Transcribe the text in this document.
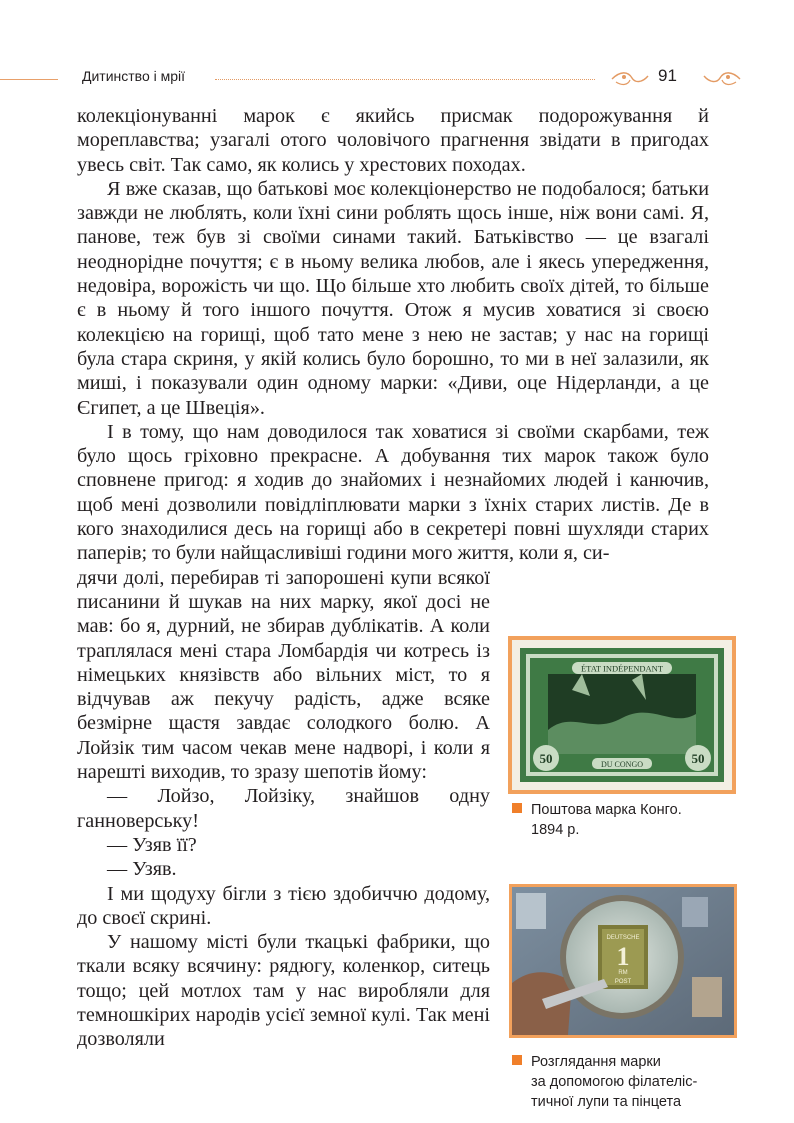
Дитинство і мрії	91

колекціонуванні марок є якийсь присмак подорожування й мореплавства; узагалі отого чоловічого прагнення звідати в пригодах увесь світ. Так само, як колись у хрестових походах.

Я вже сказав, що батькові моє колекціонерство не подобалося; батьки завжди не люблять, коли їхні сини роблять щось інше, ніж вони самі. Я, панове, теж був зі своїми синами такий. Батьківство — це взагалі неоднорідне почуття; є в ньому велика любов, але і якесь упередження, недовіра, ворожість чи що. Що більше хто любить своїх дітей, то більше є в ньому й того іншого почуття. Отож я мусив ховатися зі своєю колекцією на горищі, щоб тато мене з нею не застав; у нас на горищі була стара скриня, у якій колись було борошно, то ми в неї залазили, як миші, і показували один одному марки: «Диви, оце Нідерланди, а це Єгипет, а це Швеція».

І в тому, що нам доводилося так ховатися зі своїми скарбами, теж було щось гріховно прекрасне. А добування тих марок також було сповнене пригод: я ходив до знайомих і незнайомих людей і канючив, щоб мені дозволили повідліплювати марки з їхніх старих листів. Де в кого знаходилися десь на горищі або в секретері повні шухляди старих паперів; то були найщасливіші години мого життя, коли я, си-

дячи долі, перебирав ті запорошені купи всякої писанини й шукав на них марку, якої досі не мав: бо я, дурний, не збирав дублікатів. А коли траплялася мені стара Ломбардія чи котресь із німецьких князівств або вільних міст, то я відчував аж пекучу радість, адже всяке безмірне щастя завдає солодкого болю. А Лойзік тим часом чекав мене надворі, і коли я нарешті виходив, то зразу шепотів йому:

— Лойзо, Лойзіку, знайшов одну ганноверську!

— Узяв її?

— Узяв.

І ми щодуху бігли з тією здобиччю додому, до своєї скрині.

У нашому місті були ткацькі фабрики, що ткали всяку всячину: рядюгу, коленкор, ситець тощо; цей мотлох там у нас виробляли для темношкірих народів усієї земної кулі. Так мені дозволяли

ÉTAT INDÉPENDANT
DU CONGO
50	50
Поштова марка Конго.
1894 р.
DEUTSCHE
1
RM
POST
Розглядання марки
за допомогою філателіс-
тичної лупи та пінцета
